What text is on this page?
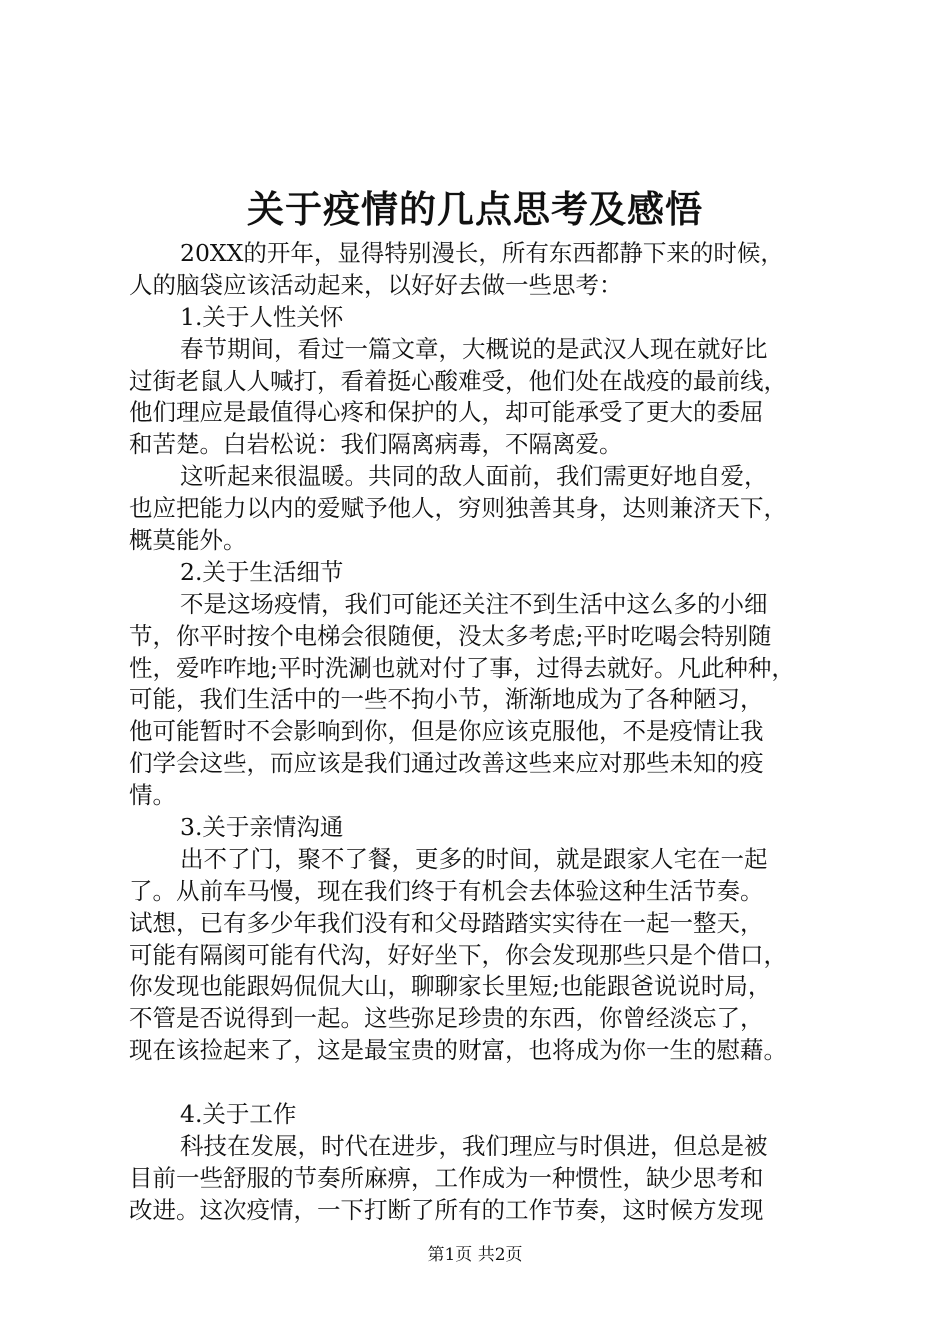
关于疫情的几点思考及感悟
20XX的开年，显得特别漫长，所有东西都静下来的时候，
人的脑袋应该活动起来，以好好去做一些思考：
1.关于人性关怀
春节期间，看过一篇文章，大概说的是武汉人现在就好比
过街老鼠人人喊打，看着挺心酸难受，他们处在战疫的最前线，
他们理应是最值得心疼和保护的人，却可能承受了更大的委屈
和苦楚。白岩松说：我们隔离病毒，不隔离爱。
这听起来很温暖。共同的敌人面前，我们需更好地自爱，
也应把能力以内的爱赋予他人，穷则独善其身，达则兼济天下，
概莫能外。
2.关于生活细节
不是这场疫情，我们可能还关注不到生活中这么多的小细
节，你平时按个电梯会很随便，没太多考虑;平时吃喝会特别随
性，爱咋咋地;平时洗涮也就对付了事，过得去就好。凡此种种，
可能，我们生活中的一些不拘小节，渐渐地成为了各种陋习，
他可能暂时不会影响到你，但是你应该克服他，不是疫情让我
们学会这些，而应该是我们通过改善这些来应对那些未知的疫
情。
3.关于亲情沟通
出不了门，聚不了餐，更多的时间，就是跟家人宅在一起
了。从前车马慢，现在我们终于有机会去体验这种生活节奏。
试想，已有多少年我们没有和父母踏踏实实待在一起一整天，
可能有隔阂可能有代沟，好好坐下，你会发现那些只是个借口，
你发现也能跟妈侃侃大山，聊聊家长里短;也能跟爸说说时局，
不管是否说得到一起。这些弥足珍贵的东西，你曾经淡忘了，
现在该捡起来了，这是最宝贵的财富，也将成为你一生的慰藉。
4.关于工作
科技在发展，时代在进步，我们理应与时俱进，但总是被
目前一些舒服的节奏所麻痹，工作成为一种惯性，缺少思考和
改进。这次疫情，一下打断了所有的工作节奏，这时候方发现
第1页 共2页
